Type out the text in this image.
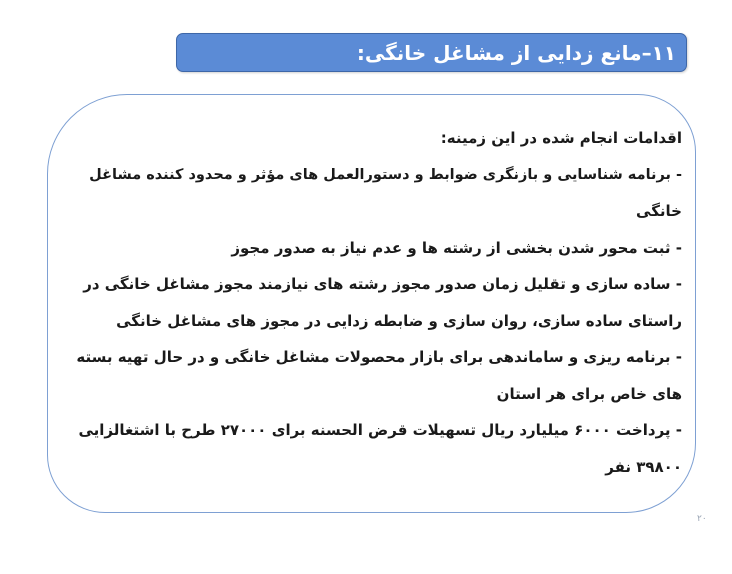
۱۱–مانع زدایی از مشاغل خانگی:
اقدامات انجام شده در این زمینه:
- برنامه شناسایی و بازنگری ضوابط و دستورالعمل های مؤثر و محدود کننده مشاغل
خانگی
- ثبت محور شدن بخشی از رشته ها و عدم نیاز به صدور مجوز
- ساده سازی و تقلیل زمان صدور مجوز رشته های نیازمند مجوز مشاغل خانگی در
راستای ساده سازی، روان سازی و ضابطه زدایی در مجوز های مشاغل خانگی
- برنامه ریزی و ساماندهی برای بازار محصولات مشاغل خانگی و در حال تهیه بسته
های خاص برای هر استان
- پرداخت ۶۰۰۰ میلیارد ریال تسهیلات قرض الحسنه برای ۲۷۰۰۰ طرح با اشتغالزایی
۳۹۸۰۰ نفر
۲۰
